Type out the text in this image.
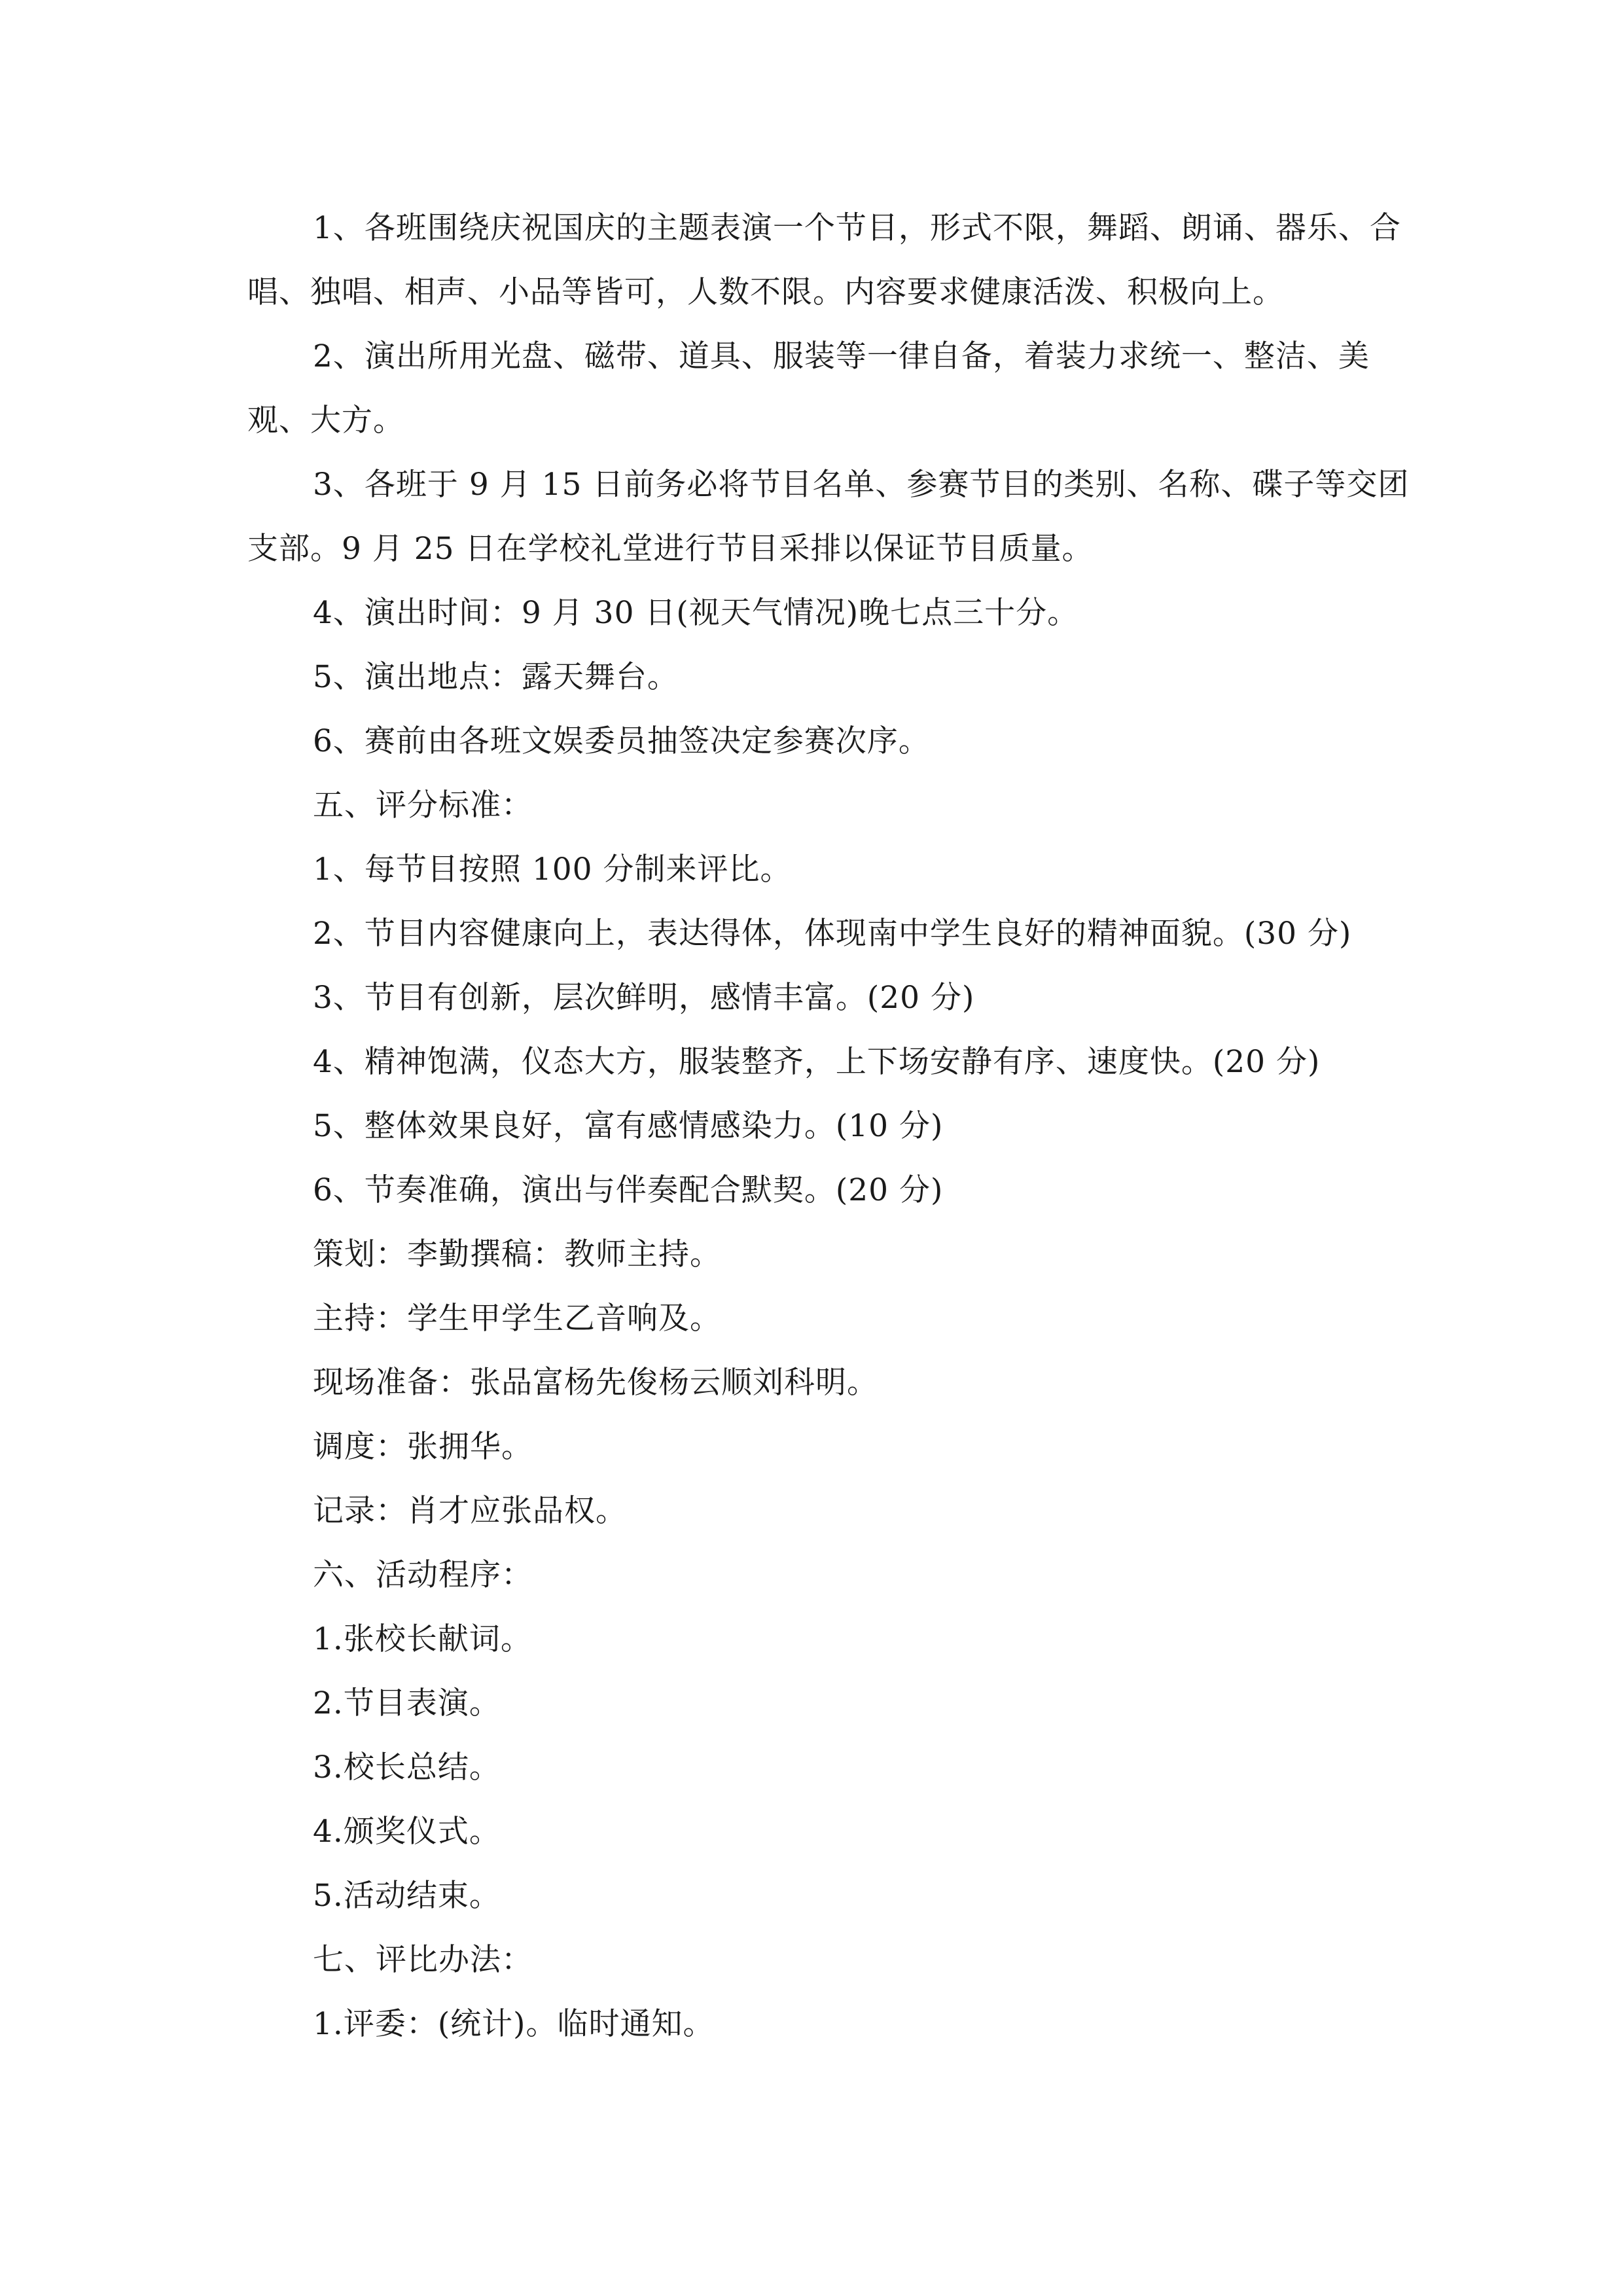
1、各班围绕庆祝国庆的主题表演一个节目，形式不限，舞蹈、朗诵、器乐、合唱、独唱、相声、小品等皆可，人数不限。内容要求健康活泼、积极向上。

2、演出所用光盘、磁带、道具、服装等一律自备，着装力求统一、整洁、美观、大方。

3、各班于 9 月 15 日前务必将节目名单、参赛节目的类别、名称、碟子等交团支部。9 月 25 日在学校礼堂进行节目采排以保证节目质量。

4、演出时间：9 月 30 日(视天气情况)晚七点三十分。

5、演出地点：露天舞台。

6、赛前由各班文娱委员抽签决定参赛次序。

五、评分标准：

1、每节目按照 100 分制来评比。

2、节目内容健康向上，表达得体，体现南中学生良好的精神面貌。(30 分)

3、节目有创新，层次鲜明，感情丰富。(20 分)

4、精神饱满，仪态大方，服装整齐，上下场安静有序、速度快。(20 分)

5、整体效果良好，富有感情感染力。(10 分)

6、节奏准确，演出与伴奏配合默契。(20 分)

策划：李勤撰稿：教师主持。

主持：学生甲学生乙音响及。

现场准备：张品富杨先俊杨云顺刘科明。

调度：张拥华。

记录：肖才应张品权。

六、活动程序：

1.张校长献词。

2.节目表演。

3.校长总结。

4.颁奖仪式。

5.活动结束。

七、评比办法：

1.评委：(统计)。临时通知。
